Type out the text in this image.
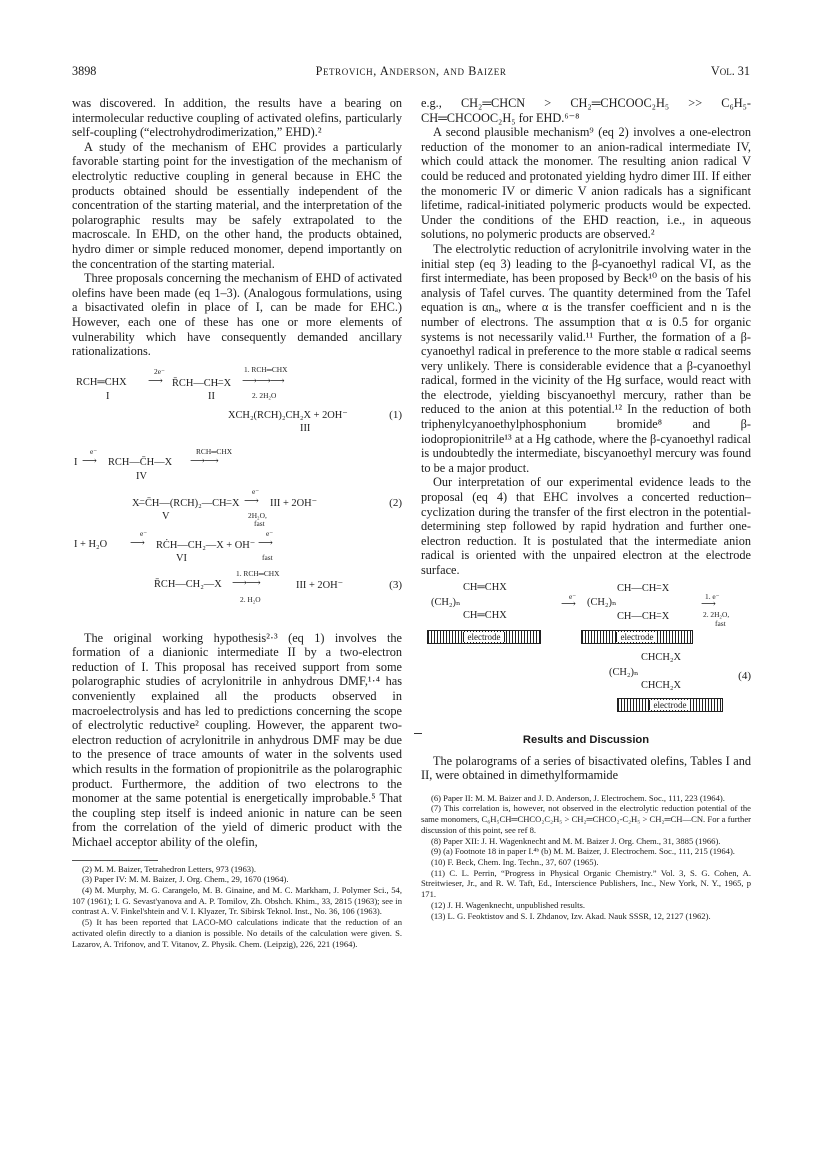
3898	Petrovich, Anderson, and Baizer	Vol. 31

was discovered. In addition, the results have a bearing on intermolecular reductive coupling of activated olefins, particularly self-coupling (“electrohydrodimerization,” EHD).²

A study of the mechanism of EHC provides a particularly favorable starting point for the investigation of the mechanism of electrolytic reductive coupling in general because in EHC the products obtained should be essentially independent of the concentration of the starting material, and the interpretation of the polarographic results may be safely extrapolated to the macroscale. In EHD, on the other hand, the products obtained, hydro dimer or simple reduced monomer, depend importantly on the concentration of the starting material.

Three proposals concerning the mechanism of EHD of activated olefins have been made (eq 1–3). (Analogous formulations, using a bisactivated olefin in place of I, can be made for EHC.) However, each one of these has one or more elements of vulnerability which have consequently demanded ancillary rationalizations.

2e⁻	1. RCH═CHX
RCH═CHX ⟶ R̄CH—CH⁻̶X ⟶⟶⟶
2. 2H₂O
I	II
XCH₂(RCH)₂CH₂X + 2OH⁻	(1)
III
e⁻	RCH═CHX
I ⟶ RCH—C̄H—X ⟶⟶
IV
e⁻
X⁻̶C̄H—(RCH)₂—CH⁻̶X ⟶ III + 2OH⁻	(2)
2H₂O,
fast
V
e⁻	e⁻
I + H₂O ⟶ RĊH—CH₂—X + OH⁻ ⟶
fast
VI
1. RCH═CHX
R̄CH—CH₂—X ⟶⟶	III + 2OH⁻	(3)
2. H₂O

The original working hypothesis²·³ (eq 1) involves the formation of a dianionic intermediate II by a two-electron reduction of I. This proposal has received support from some polarographic studies of acrylonitrile in anhydrous DMF,¹·⁴ has conveniently explained all the products observed in macroelectrolysis and has led to predictions concerning the scope of electrolytic reductive² coupling. However, the apparent two-electron reduction of acrylonitrile in anhydrous DMF may be due to the presence of trace amounts of water in the solvents used which results in the formation of propionitrile as the polarographic product. Furthermore, the addition of two electrons to the monomer at the same potential is energetically improbable.⁵ That the coupling step itself is indeed anionic in nature can be seen from the correlation of the yield of dimeric product with the Michael acceptor ability of the olefin,

(2) M. M. Baizer, Tetrahedron Letters, 973 (1963).

(3) Paper IV: M. M. Baizer, J. Org. Chem., 29, 1670 (1964).

(4) M. Murphy, M. G. Carangelo, M. B. Ginaine, and M. C. Markham, J. Polymer Sci., 54, 107 (1961); I. G. Sevast'yanova and A. P. Tomilov, Zh. Obshch. Khim., 33, 2815 (1963); see in contrast A. V. Finkel'shtein and V. I. Klyazer, Tr. Sibirsk Teknol. Inst., No. 36, 106 (1963).

(5) It has been reported that LACO-MO calculations indicate that the reduction of an activated olefin directly to a dianion is possible. No details of the calculation were given. S. Lazarov, A. Trifonov, and T. Vitanov, Z. Physik. Chem. (Leipzig), 226, 221 (1964).

e.g., CH₂═CHCN > CH₂═CHCOOC₂H₅ >> C₆H₅-CH═CHCOOC₂H₅ for EHD.⁶⁻⁸

A second plausible mechanism⁹ (eq 2) involves a one-electron reduction of the monomer to an anion-radical intermediate IV, which could attack the monomer. The resulting anion radical V could be reduced and protonated yielding hydro dimer III. If either the monomeric IV or dimeric V anion radicals has a significant lifetime, radical-initiated polymeric products would be expected. Under the conditions of the EHD reaction, i.e., in aqueous solutions, no polymeric products are observed.²

The electrolytic reduction of acrylonitrile involving water in the initial step (eq 3) leading to the β-cyanoethyl radical VI, as the first intermediate, has been proposed by Beck¹⁰ on the basis of his analysis of Tafel curves. The quantity determined from the Tafel equation is αnₐ, where α is the transfer coefficient and n is the number of electrons. The assumption that α is 0.5 for organic systems is not necessarily valid.¹¹ Further, the formation of a β-cyanoethyl radical in preference to the more stable α radical seems very unlikely. There is considerable evidence that a β-cyanoethyl radical, formed in the vicinity of the Hg surface, would react with the electrode, yielding biscyanoethyl mercury, rather than be reduced to the anion at this potential.¹² In the reduction of both triphenylcyanoethylphosphonium bromide⁸ and β-iodopropionitrile¹³ at a Hg cathode, where the β-cyanoethyl radical is undoubtedly the intermediate, biscyanoethyl mercury was found to be a major product.

Our interpretation of our experimental evidence leads to the proposal (eq 4) that EHC involves a concerted reduction–cyclization during the transfer of the first electron in the potential-determining step followed by rapid hydration and further one-electron reduction. It is postulated that the intermediate anion radical is oriented with the unpaired electron at the electrode surface.

CH═CHX
(CH₂)ₙ
CH═CHX
electrode
e⁻
⟶
CH—CH⁻̶X
(CH₂)ₙ
CH—CH⁻̶X
electrode
1. e⁻
⟶
2. 2H₂O,
fast
CHCH₂X
(CH₂)ₙ
CHCH₂X
(4)
electrode

Results and Discussion

The polarograms of a series of bisactivated olefins, Tables I and II, were obtained in dimethylformamide

(6) Paper II: M. M. Baizer and J. D. Anderson, J. Electrochem. Soc., 111, 223 (1964).

(7) This correlation is, however, not observed in the electrolytic reduction potential of the same monomers, C₆H₅CH═CHCO₂C₂H₅ > CH₂═CHCO₂-C₂H₅ > CH₂═CH—CN. For a further discussion of this point, see ref 8.

(8) Paper XII: J. H. Wagenknecht and M. M. Baizer J. Org. Chem., 31, 3885 (1966).

(9) (a) Footnote 18 in paper I.⁴ᵇ (b) M. M. Baizer, J. Electrochem. Soc., 111, 215 (1964).

(10) F. Beck, Chem. Ing. Techn., 37, 607 (1965).

(11) C. L. Perrin, “Progress in Physical Organic Chemistry.” Vol. 3, S. G. Cohen, A. Streitwieser, Jr., and R. W. Taft, Ed., Interscience Publishers, Inc., New York, N. Y., 1965, p 171.

(12) J. H. Wagenknecht, unpublished results.

(13) L. G. Feoktistov and S. I. Zhdanov, Izv. Akad. Nauk SSSR, 12, 2127 (1962).
